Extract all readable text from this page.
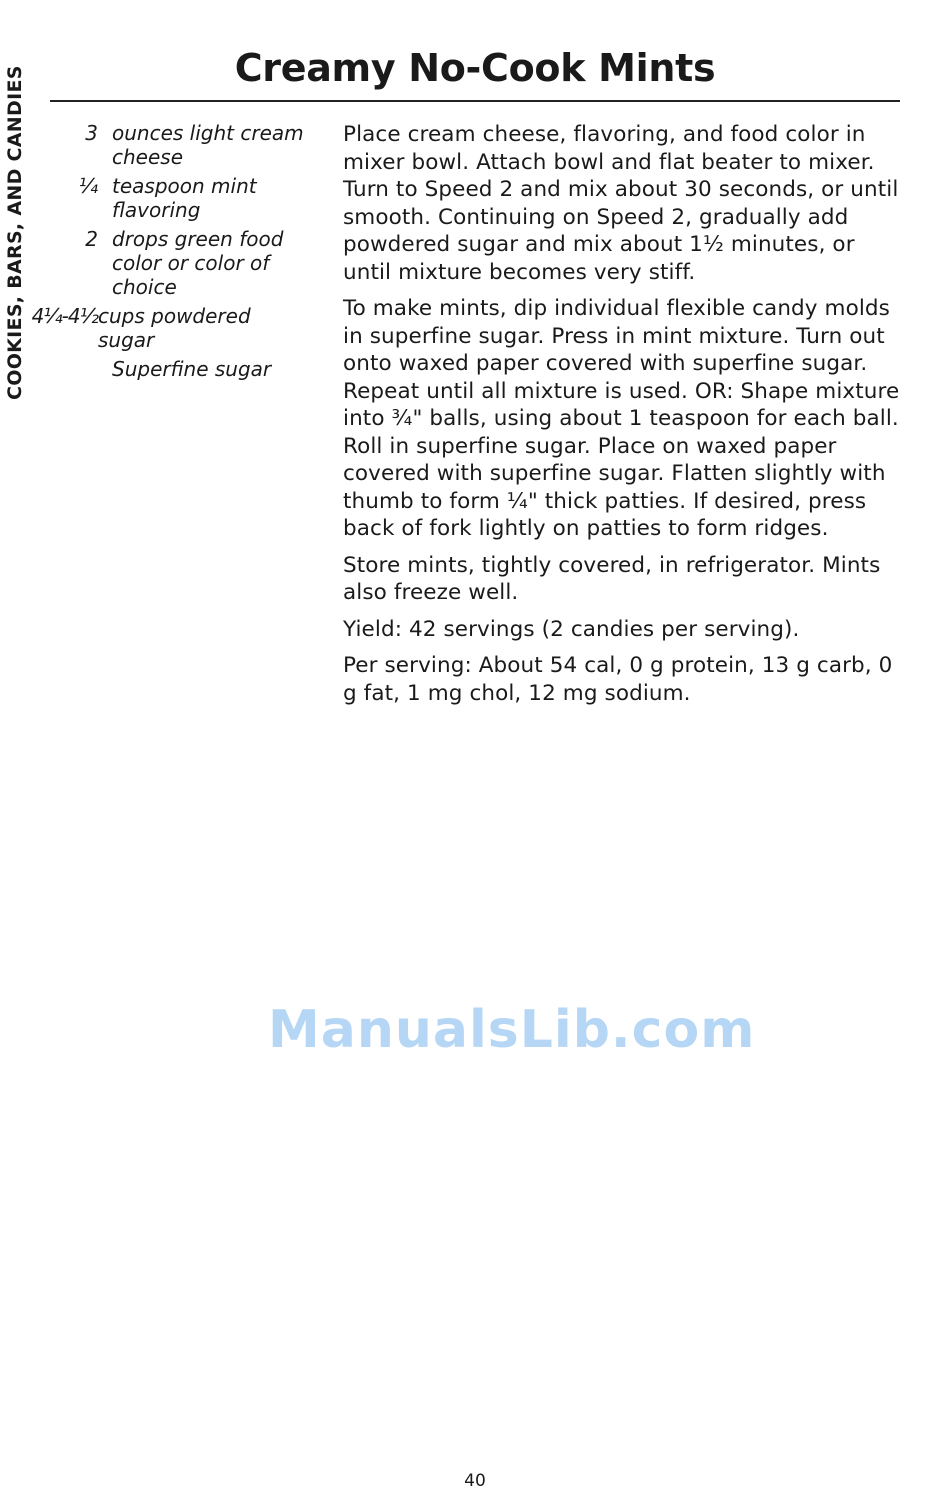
COOKIES, BARS, AND CANDIES	Creamy No-Cook Mints
3 ounces light cream cheese
¼ teaspoon mint flavoring
2 drops green food color or color of choice
4¼-4½ cups powdered sugar
Superfine sugar

Place cream cheese, flavoring, and food color in mixer bowl. Attach bowl and flat beater to mixer. Turn to Speed 2 and mix about 30 seconds, or until smooth. Continuing on Speed 2, gradually add powdered sugar and mix about 1½ minutes, or until mixture becomes very stiff.

To make mints, dip individual flexible candy molds in superfine sugar. Press in mint mixture. Turn out onto waxed paper covered with superfine sugar. Repeat until all mixture is used. OR: Shape mixture into ¾" balls, using about 1 teaspoon for each ball. Roll in superfine sugar. Place on waxed paper covered with superfine sugar. Flatten slightly with thumb to form ¼" thick patties. If desired, press back of fork lightly on patties to form ridges.

Store mints, tightly covered, in refrigerator. Mints also freeze well.

Yield: 42 servings (2 candies per serving).

Per serving: About 54 cal, 0 g protein, 13 g carb, 0 g fat, 1 mg chol, 12 mg sodium.

ManualsLib.com
40
